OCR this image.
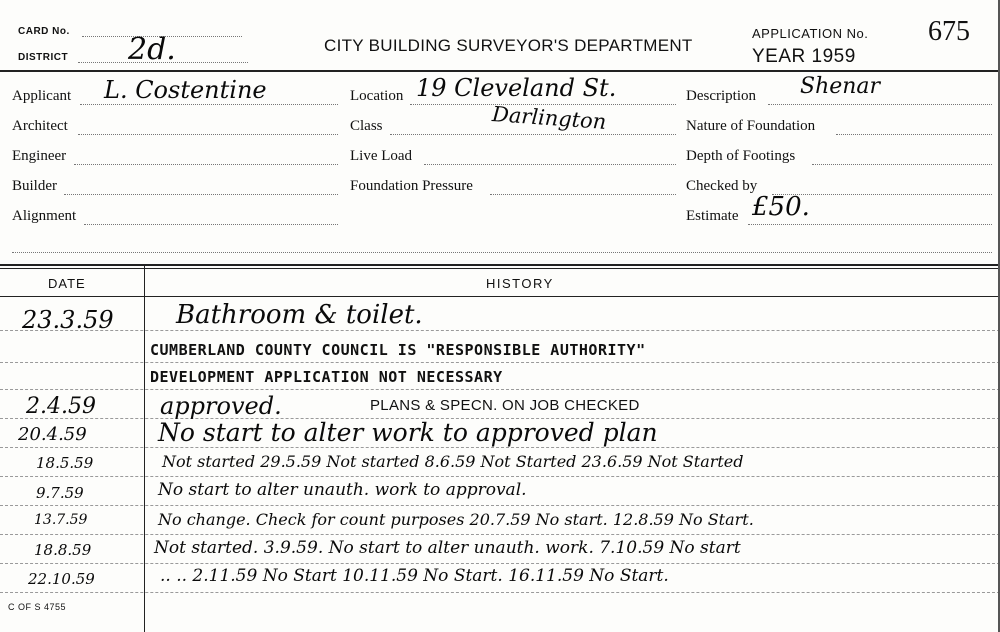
CARD No.
DISTRICT 2d.	CITY BUILDING SURVEYOR'S DEPARTMENT
APPLICATION No.
YEAR 1959
675
Applicant L. Costentine
Architect
Engineer
Builder
Alignment
Location 19 Cleveland St.
Class	Darlington
Live Load
Foundation Pressure
Description Shenar
Nature of Foundation
Depth of Footings
Checked by
Estimate £50.
DATE	HISTORY
23.3.59 Bathroom & toilet.
CUMBERLAND COUNTY COUNCIL IS "RESPONSIBLE AUTHORITY"
DEVELOPMENT APPLICATION NOT NECESSARY
2.4.59	approved.	PLANS & SPECN. ON JOB CHECKED
20.4.59	No start to alter work to approved plan
18.5.59	Not started 29.5.59 Not started 8.6.59 Not Started 23.6.59 Not Started
9.7.59	No start to alter unauth. work to approval.
13.7.59	No change. Check for count purposes 20.7.59 No start. 12.8.59 No Start.
18.8.59	Not started. 3.9.59. No start to alter unauth. work. 7.10.59 No start
22.10.59	.. .. 2.11.59 No Start 10.11.59 No Start. 16.11.59 No Start.
C OF S 4755
